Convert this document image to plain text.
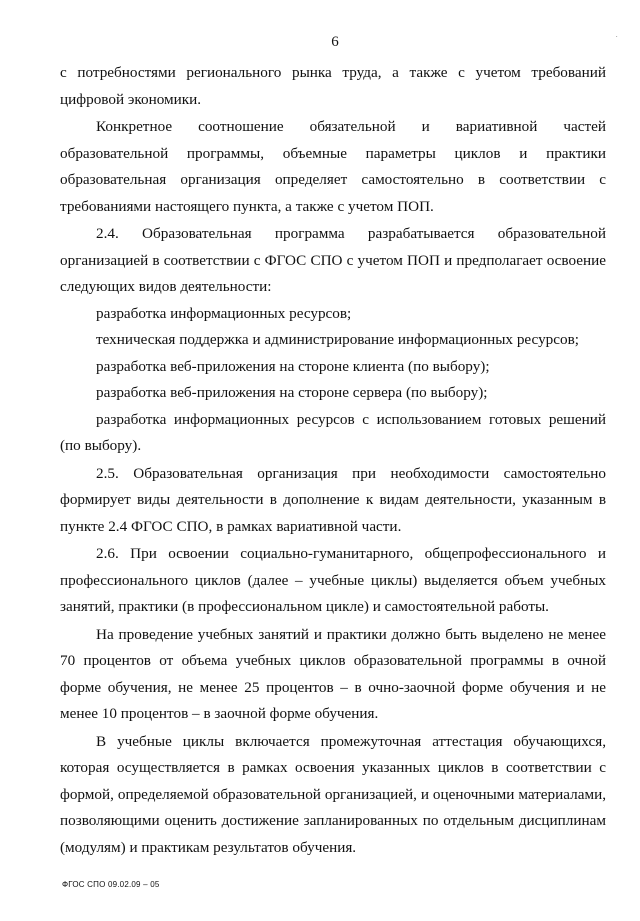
6	·

с потребностями регионального рынка труда, а также с учетом требований цифровой экономики.

Конкретное соотношение обязательной и вариативной частей образовательной программы, объемные параметры циклов и практики образовательная организация определяет самостоятельно в соответствии с требованиями настоящего пункта, а также с учетом ПОП.

2.4. Образовательная программа разрабатывается образовательной организацией в соответствии с ФГОС СПО с учетом ПОП и предполагает освоение следующих видов деятельности:

разработка информационных ресурсов;

техническая поддержка и администрирование информационных ресурсов;

разработка веб-приложения на стороне клиента (по выбору);

разработка веб-приложения на стороне сервера (по выбору);

разработка информационных ресурсов с использованием готовых решений (по выбору).

2.5. Образовательная организация при необходимости самостоятельно формирует виды деятельности в дополнение к видам деятельности, указанным в пункте 2.4 ФГОС СПО, в рамках вариативной части.

2.6. При освоении социально-гуманитарного, общепрофессионального и профессионального циклов (далее – учебные циклы) выделяется объем учебных занятий, практики (в профессиональном цикле) и самостоятельной работы.

На проведение учебных занятий и практики должно быть выделено не менее 70 процентов от объема учебных циклов образовательной программы в очной форме обучения, не менее 25 процентов – в очно-заочной форме обучения и не менее 10 процентов – в заочной форме обучения.

В учебные циклы включается промежуточная аттестация обучающихся, которая осуществляется в рамках освоения указанных циклов в соответствии с формой, определяемой образовательной организацией, и оценочными материалами, позволяющими оценить достижение запланированных по отдельным дисциплинам (модулям) и практикам результатов обучения.

ФГОС СПО 09.02.09 – 05
